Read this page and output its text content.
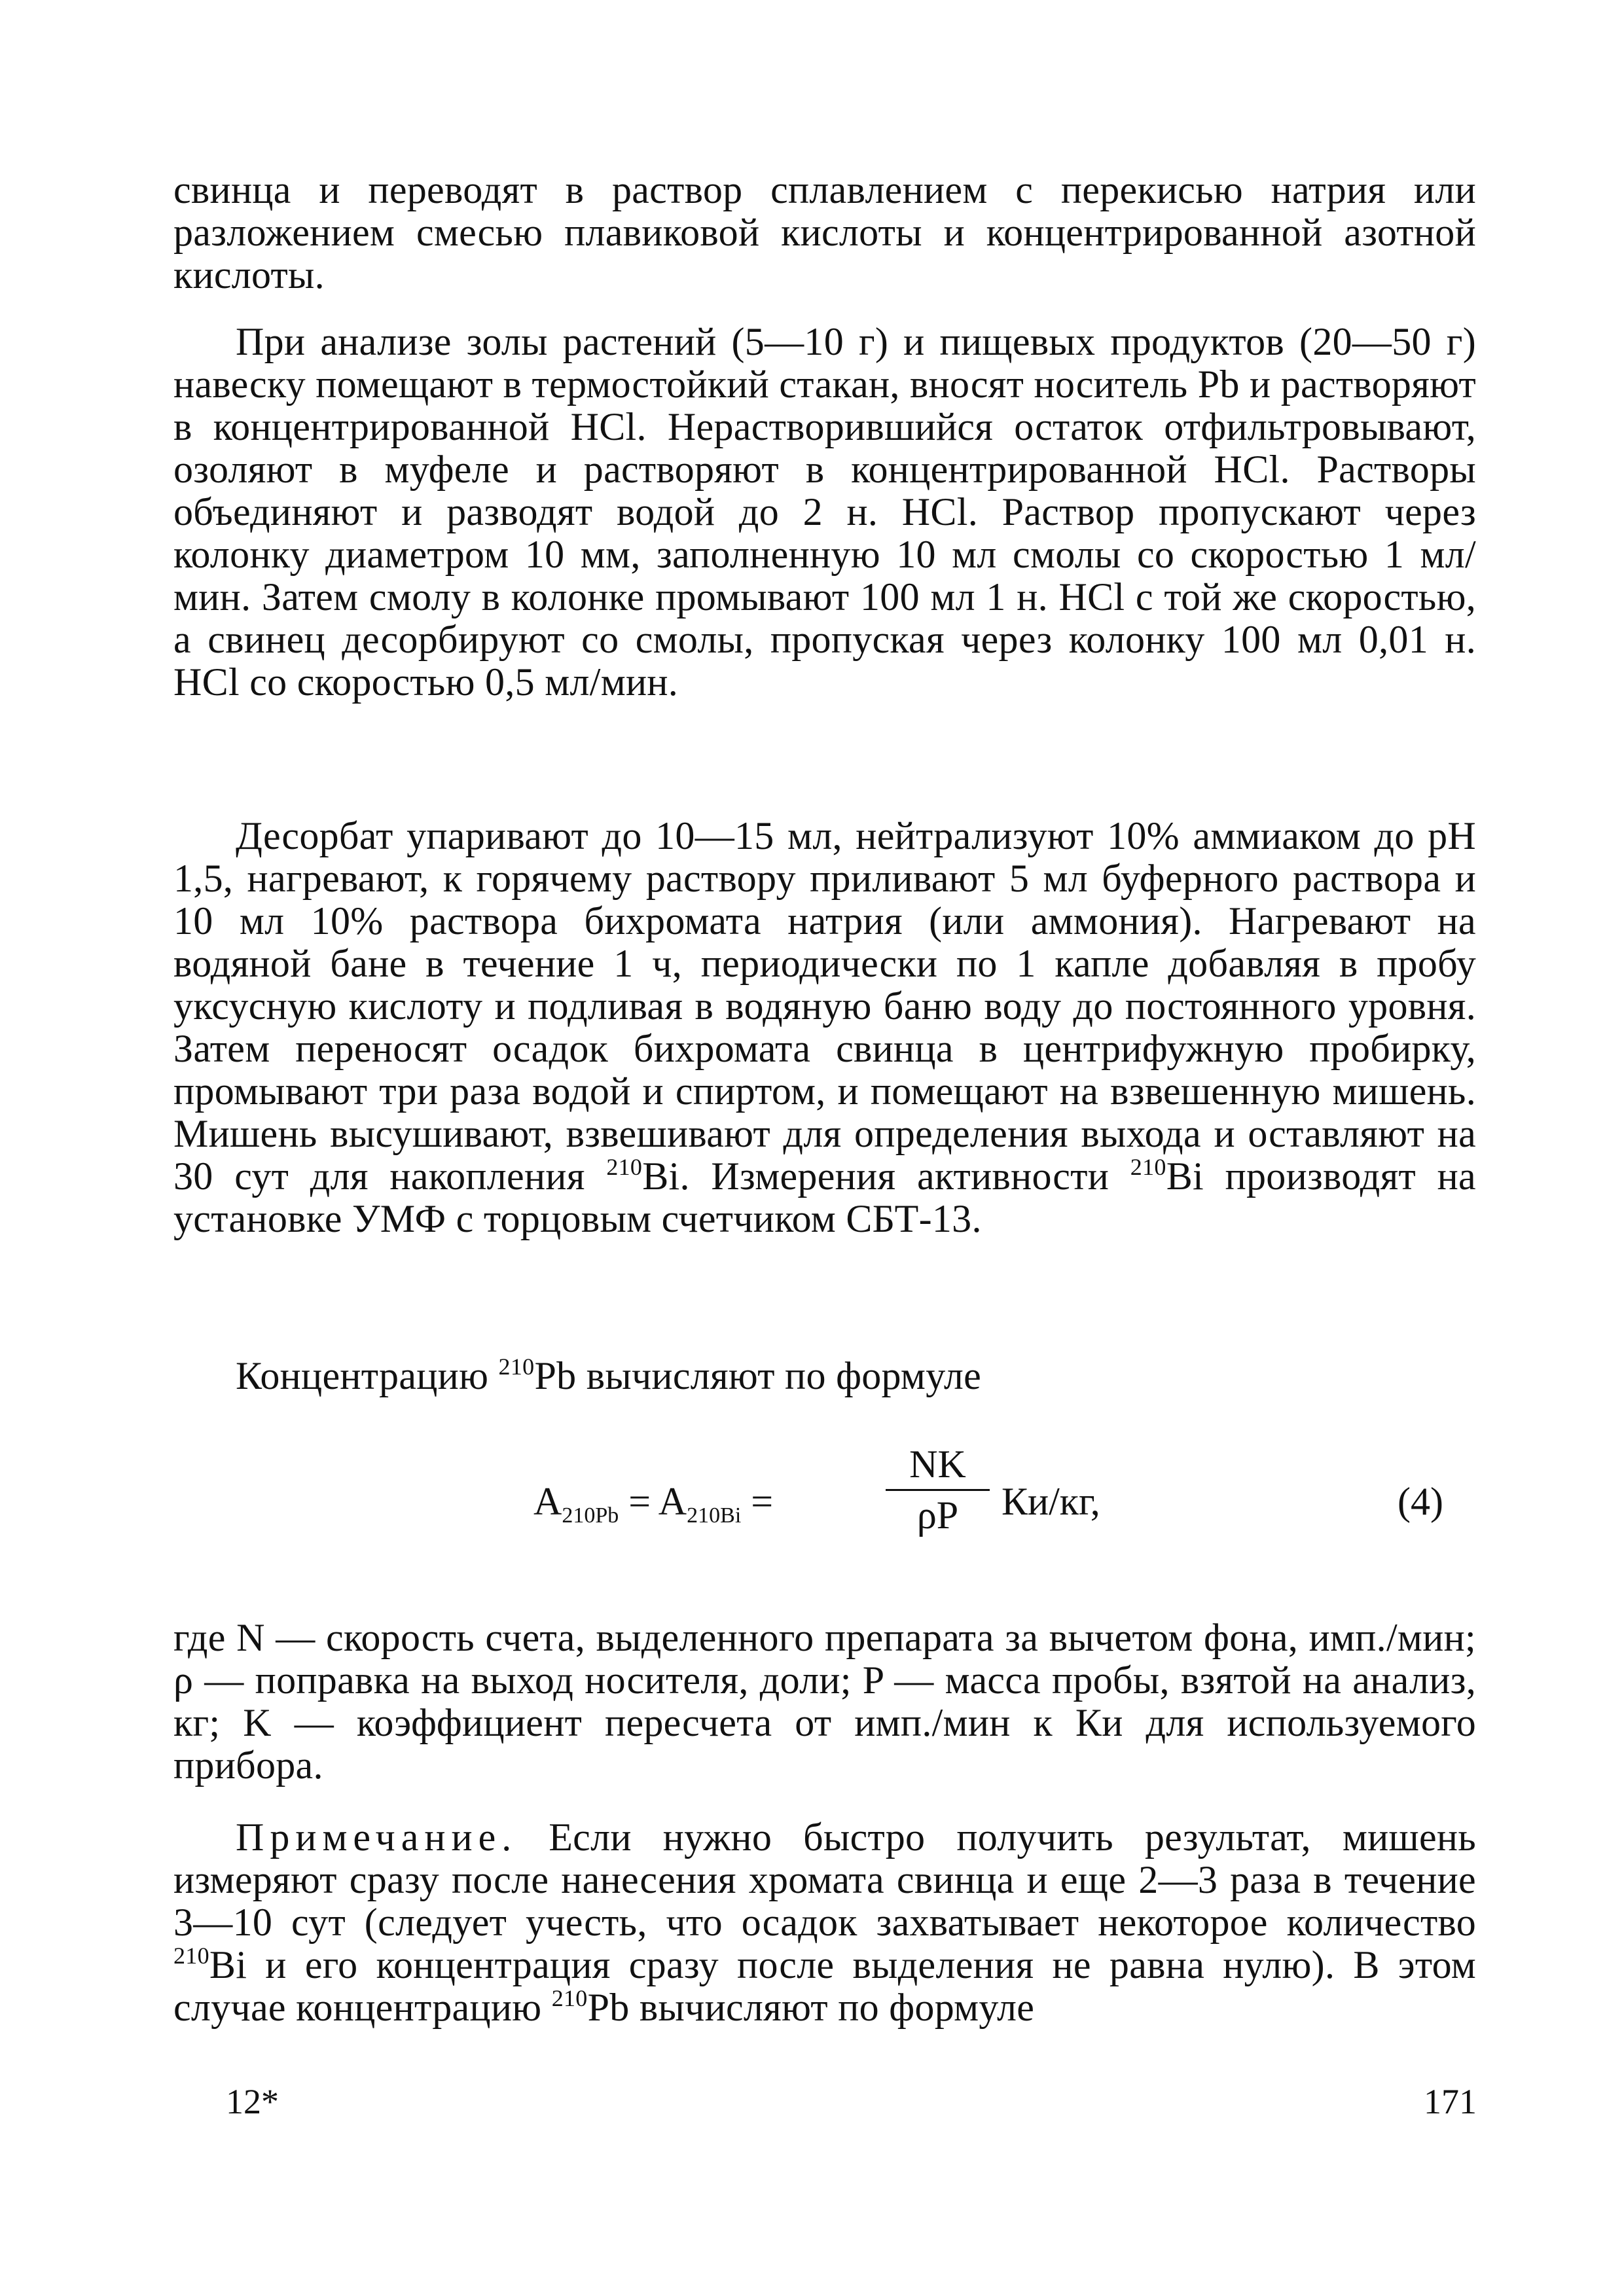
свинца и переводят в раствор сплавлением с перекисью натрия или разложением смесью плавиковой кислоты и концентрированной азотной кислоты.
При анализе золы растений (5—10 г) и пищевых продуктов (20—50 г) навеску помещают в термостойкий стакан, вносят носитель Pb и растворяют в концентрированной HCl. Нерастворившийся остаток отфильтровывают, озоляют в муфеле и растворяют в концентрированной HCl. Растворы объединяют и разводят водой до 2 н. HCl. Раствор пропускают через колонку диаметром 10 мм, заполненную 10 мл смолы со скоростью 1 мл/мин. Затем смолу в колонке промывают 100 мл 1 н. HCl с той же скоростью, а свинец десорбируют со смолы, пропуская через колонку 100 мл 0,01 н. HCl со скоростью 0,5 мл/мин.
Десорбат упаривают до 10—15 мл, нейтрализуют 10% аммиаком до pH 1,5, нагревают, к горячему раствору приливают 5 мл буферного раствора и 10 мл 10% раствора бихромата натрия (или аммония). Нагревают на водяной бане в течение 1 ч, периодически по 1 капле добавляя в пробу уксусную кислоту и подливая в водяную баню воду до постоянного уровня. Затем переносят осадок бихромата свинца в центрифужную пробирку, промывают три раза водой и спиртом, и помещают на взвешенную мишень. Мишень высушивают, взвешивают для определения выхода и оставляют на 30 сут для накопления $^{210}$Bi. Измерения активности $^{210}$Bi производят на установке УМФ с торцовым счетчиком СБТ-13.
Концентрацию $^{210}$Pb вычисляют по формуле
$A_{210Pb} = A_{210Bi}$ =
NK
ρP	Ки/кг,	(4)
где N — скорость счета, выделенного препарата за вычетом фона, имп./мин; ρ — поправка на выход носителя, доли; P — масса пробы, взятой на анализ, кг; K — коэффициент пересчета от имп./мин к Ки для используемого прибора.
Примечание. Если нужно быстро получить результат, мишень измеряют сразу после нанесения хромата свинца и еще 2—3 раза в течение 3—10 сут (следует учесть, что осадок захватывает некоторое количество $^{210}$Bi и его концентрация сразу после выделения не равна нулю). В этом случае концентрацию $^{210}$Pb вычисляют по формуле
12*	171
